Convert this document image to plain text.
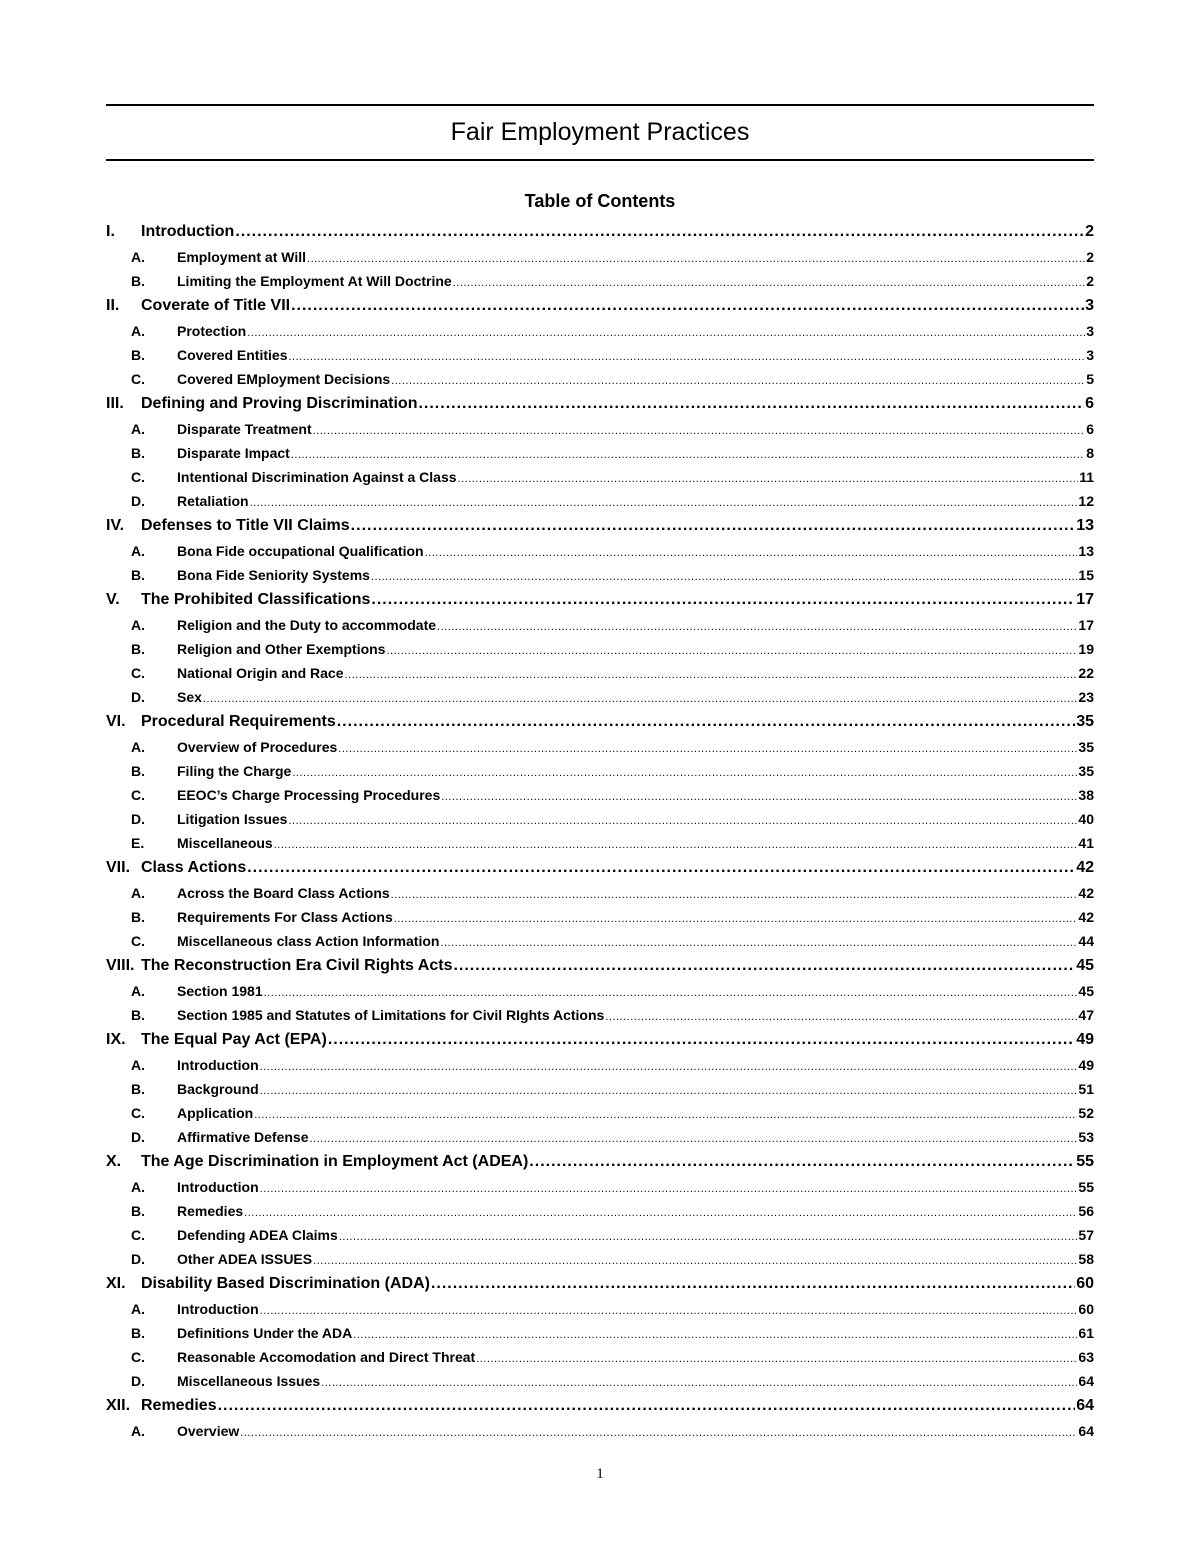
Fair Employment Practices
Table of Contents
I.	Introduction .....	2
A.	Employment at Will .....	2
B.	Limiting the Employment At Will Doctrine .....	2
II.	Coverate of Title VII .....	3
A.	Protection .....	3
B.	Covered Entities .....	3
C.	Covered EMployment Decisions .....	5
III.	Defining and Proving Discrimination .....	6
A.	Disparate Treatment .....	6
B.	Disparate Impact .....	8
C.	Intentional Discrimination Against a Class .....	11
D.	Retaliation .....	12
IV.	Defenses to Title VII Claims .....	13
A.	Bona Fide occupational Qualification .....	13
B.	Bona Fide Seniority Systems .....	15
V.	The Prohibited Classifications .....	17
A.	Religion and the Duty to accommodate .....	17
B.	Religion and Other Exemptions .....	19
C.	National Origin and Race .....	22
D.	Sex .....	23
VI. Procedural Requirements .....	35
A.	Overview of Procedures .....	35
B.	Filing the Charge .....	35
C.	EEOC’s Charge Processing Procedures .....	38
D.	Litigation Issues .....	40
E.	Miscellaneous .....	41
VII. Class Actions .....	42
A.	Across the Board Class Actions .....	42
B.	Requirements For Class Actions .....	42
C.	Miscellaneous class Action Information .....	44
VIII. The Reconstruction Era Civil Rights Acts .....	45
A.	Section 1981 .....	45
B.	Section 1985 and Statutes of Limitations for Civil RIghts Actions .....	47
IX. The Equal Pay Act (EPA) .....	49
A.	Introduction .....	49
B.	Background .....	51
C.	Application .....	52
D.	Affirmative Defense .....	53
X.	The Age Discrimination in Employment Act (ADEA) .....	55
A.	Introduction .....	55
B.	Remedies .....	56
C.	Defending ADEA Claims .....	57
D.	Other ADEA ISSUES .....	58
XI. Disability Based Discrimination (ADA) .....	60
A.	Introduction .....	60
B.	Definitions Under the ADA .....	61
C.	Reasonable Accomodation and Direct Threat .....	63
D.	Miscellaneous Issues .....	64
XII. Remedies .....	64
A.	Overview .....	64
1
